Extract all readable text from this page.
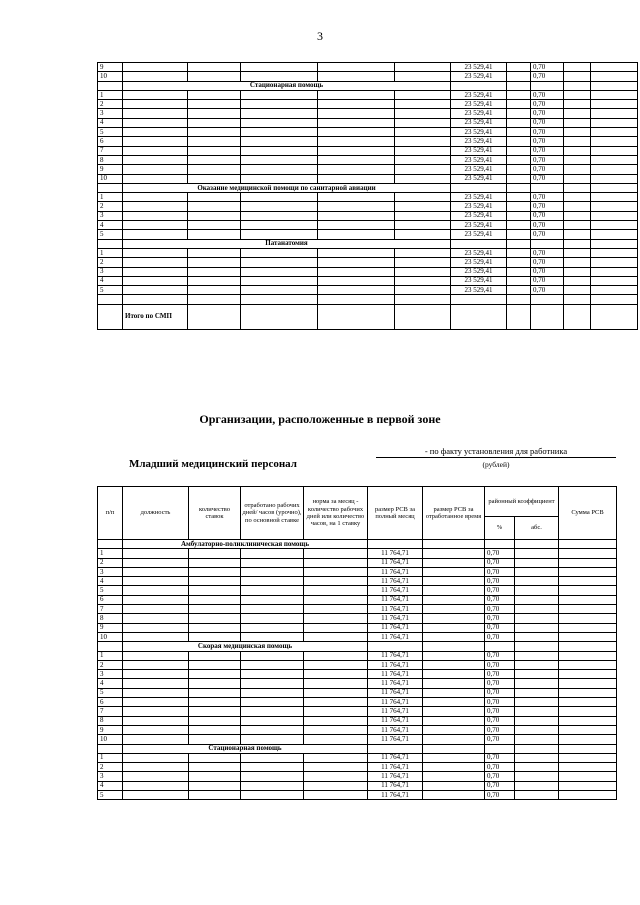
3
9						23 529,41		0,70		
10						23 529,41		0,70		
	Стационарная помощь									
1						23 529,41		0,70		
2						23 529,41		0,70		
3						23 529,41		0,70		
4						23 529,41		0,70		
5						23 529,41		0,70		
6						23 529,41		0,70		
7						23 529,41		0,70		
8						23 529,41		0,70		
9						23 529,41		0,70		
10						23 529,41		0,70		
	Оказание медицинской помощи по санитарной авиации									
1						23 529,41		0,70		
2						23 529,41		0,70		
3						23 529,41		0,70		
4						23 529,41		0,70		
5						23 529,41		0,70		
	Патанатомия									
1						23 529,41		0,70		
2						23 529,41		0,70		
3						23 529,41		0,70		
4						23 529,41		0,70		
5						23 529,41		0,70		

	Итого по СМП									
Организации, расположенные в первой зоне
- по факту установления для работника
Младший медицинский персонал	(рублей)
п/п	должность	количество ставок	отработано рабочих дней/ часов (урочно), по основной ставке	норма за месяц - количество рабочих дней или количество часов, на 1 ставку	размер РСВ за полный месяц	размер РСВ за отработанное время	районный коэффициент		Сумма РСВ
							%	абс.	
	Амбулаторно-поликлиническая помощь								
1					11 764,71		0,70		
2					11 764,71		0,70		
3					11 764,71		0,70		
4					11 764,71		0,70		
5					11 764,71		0,70		
6					11 764,71		0,70		
7					11 764,71		0,70		
8					11 764,71		0,70		
9					11 764,71		0,70		
10					11 764,71		0,70		
	Скорая медицинская помощь								
1					11 764,71		0,70		
2					11 764,71		0,70		
3					11 764,71		0,70		
4					11 764,71		0,70		
5					11 764,71		0,70		
6					11 764,71		0,70		
7					11 764,71		0,70		
8					11 764,71		0,70		
9					11 764,71		0,70		
10					11 764,71		0,70		
	Стационарная помощь								
1					11 764,71		0,70		
2					11 764,71		0,70		
3					11 764,71		0,70		
4					11 764,71		0,70		
5					11 764,71		0,70		
